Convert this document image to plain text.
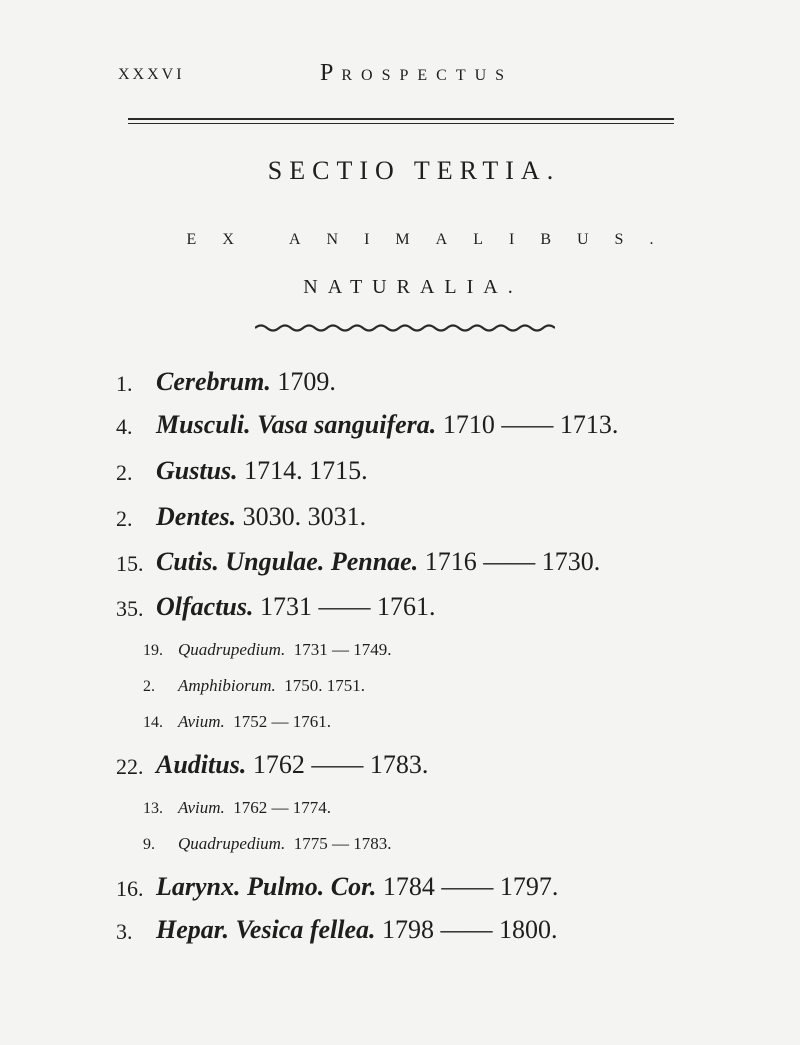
XXXVI	PROSPECTUS
SECTIO TERTIA.
EX ANIMALIBUS.
NATURALIA.
1. Cerebrum. 1709.
4. Musculi. Vasa sanguifera. 1710 —— 1713.
2. Gustus. 1714. 1715.
2. Dentes. 3030. 3031.
15. Cutis. Ungulae. Pennae. 1716 —— 1730.
35. Olfactus. 1731 —— 1761.
19. Quadrupedium.  1731 — 1749.
2. Amphibiorum.  1750. 1751.
14. Avium.  1752 — 1761.
22. Auditus. 1762 —— 1783.
13. Avium.  1762 — 1774.
9. Quadrupedium.  1775 — 1783.
16. Larynx. Pulmo. Cor. 1784 —— 1797.
3. Hepar. Vesica fellea. 1798 —— 1800.
